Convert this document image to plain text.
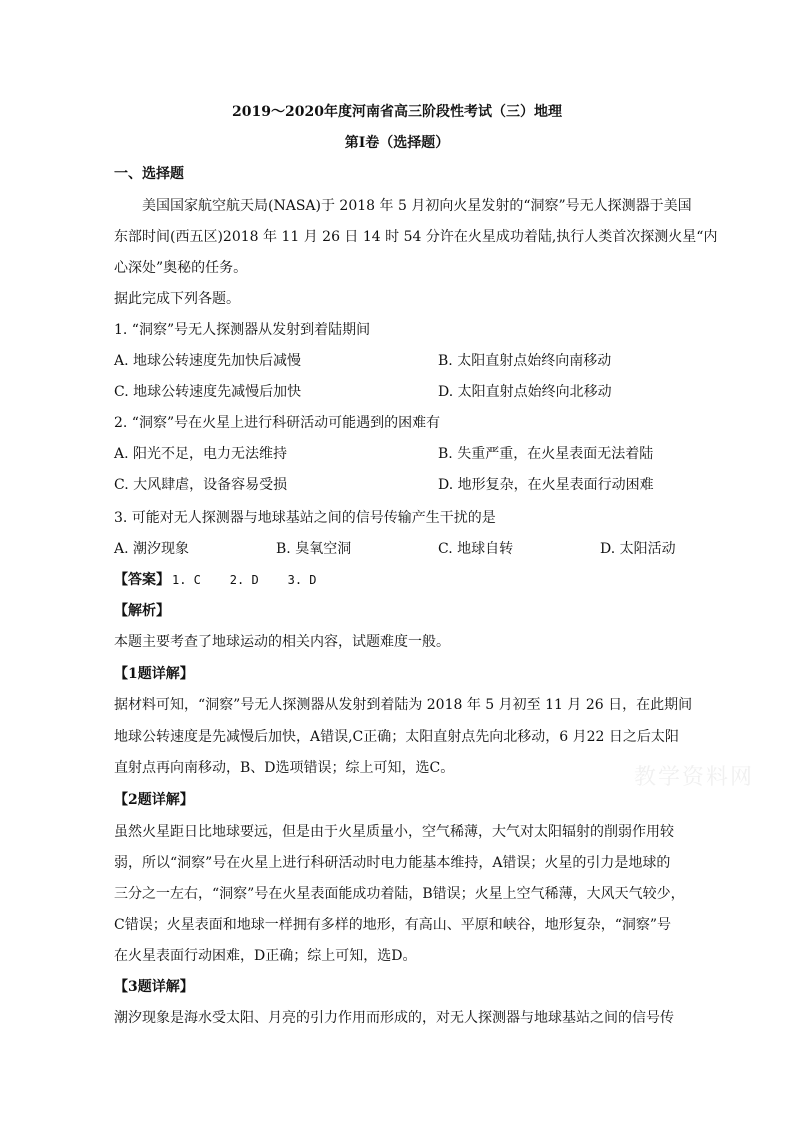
2019～2020年度河南省高三阶段性考试（三）地理
第Ⅰ卷（选择题）
一、选择题
美国国家航空航天局(NASA)于 2018 年 5 月初向火星发射的“洞察”号无人探测器于美国
东部时间(西五区)2018 年 11 月 26 日 14 时 54 分许在火星成功着陆,执行人类首次探测火星“内
心深处”奥秘的任务。
据此完成下列各题。
1. “洞察”号无人探测器从发射到着陆期间
A. 地球公转速度先加快后减慢	B. 太阳直射点始终向南移动
C. 地球公转速度先减慢后加快	D. 太阳直射点始终向北移动
2. “洞察”号在火星上进行科研活动可能遇到的困难有
A. 阳光不足，电力无法维持	B. 失重严重，在火星表面无法着陆
C. 大风肆虐，设备容易受损	D. 地形复杂，在火星表面行动困难
3. 可能对无人探测器与地球基站之间的信号传输产生干扰的是
A. 潮汐现象	B. 臭氧空洞	C. 地球自转	D. 太阳活动
【答案】 1. C    2. D    3. D
【解析】
本题主要考查了地球运动的相关内容，试题难度一般。
【1题详解】
据材料可知，“洞察”号无人探测器从发射到着陆为 2018 年 5 月初至 11 月 26 日，在此期间
地球公转速度是先减慢后加快，A错误,C正确；太阳直射点先向北移动，6 月22 日之后太阳
直射点再向南移动，B、D选项错误；综上可知，选C。
【2题详解】
虽然火星距日比地球要远，但是由于火星质量小，空气稀薄，大气对太阳辐射的削弱作用较
弱，所以“洞察”号在火星上进行科研活动时电力能基本维持，A错误；火星的引力是地球的
三分之一左右，“洞察”号在火星表面能成功着陆，B错误；火星上空气稀薄，大风天气较少，
C错误；火星表面和地球一样拥有多样的地形，有高山、平原和峡谷，地形复杂，“洞察”号
在火星表面行动困难，D正确；综上可知，选D。
【3题详解】
潮汐现象是海水受太阳、月亮的引力作用而形成的，对无人探测器与地球基站之间的信号传
教学资料网
